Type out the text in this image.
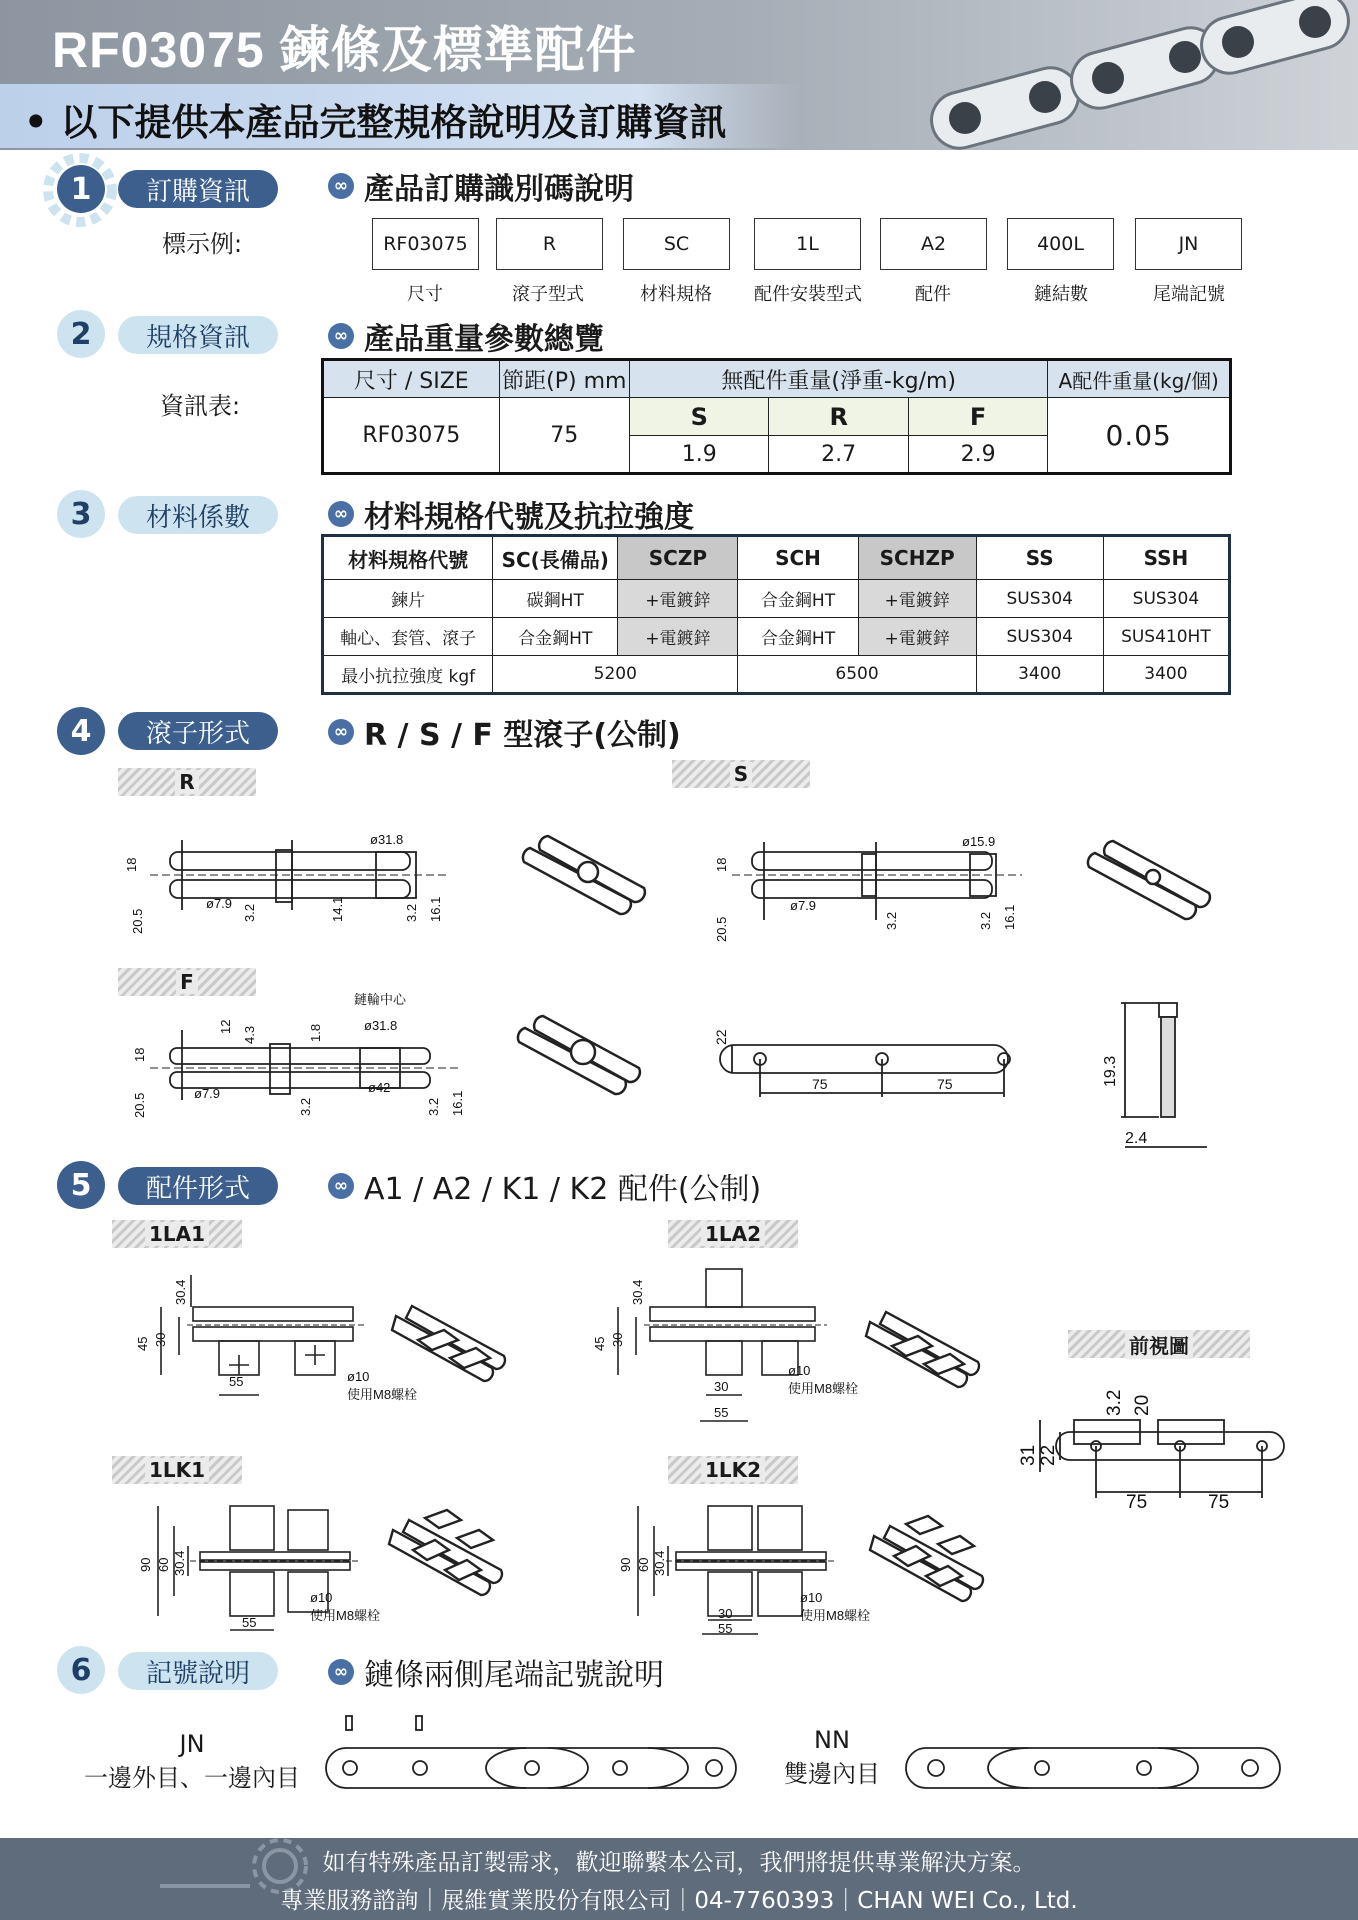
RF03075 鍊條及標準配件
• 以下提供本產品完整規格說明及訂購資訊
1	訂購資訊	∞ 產品訂購識別碼說明
標示例:	RF03075	R	SC	1L	A2	400L	JN
尺寸	滾子型式	材料規格	配件安裝型式	配件	鏈結數	尾端記號
2	規格資訊	∞ 產品重量參數總覽
資訊表:
尺寸 / SIZE	節距(P) mm	無配件重量(淨重-kg/m)			A配件重量(kg/個)
RF03075	75	S	R	F	0.05
		1.9	2.7	2.9	
3	材料係數	∞ 材料規格代號及抗拉強度
材料規格代號	SC(長備品)	SCZP	SCH	SCHZP	SS	SSH
鍊片	碳鋼HT	+電鍍鋅	合金鋼HT	+電鍍鋅	SUS304	SUS304
軸心、套管、滾子	合金鋼HT	+電鍍鋅	合金鋼HT	+電鍍鋅	SUS304	SUS410HT
最小抗拉強度 kgf	5200		6500		3400	3400
4	滾子形式	∞ R / S / F 型滾子(公制)
R	S
F
18
20.5
ø7.9
3.2
ø31.8
14.1	3.2 16.1
18
20.5
ø7.9
ø15.9
3.2	3.2 16.1
18
20.5	ø7.9
12 4.3	1.8
鏈輪中心
ø31.8
ø42
3.2	3.2 16.1
22
75	75	19.3
2.4
5	配件形式	∞ A1 / A2 / K1 / K2 配件(公制)
1LA1	1LA2
1LK1	1LK2
前視圖
30.4
45 30
55	ø10
使用M8螺栓
30.4
45 30
30
55
ø10
使用M8螺栓
90 60 30.4
55
ø10
使用M8螺栓
90 60 30.4
30
55
ø10
使用M8螺栓
3.2 20
31 22
75	75
6	記號說明	∞ 鏈條兩側尾端記號說明
JN
一邊外目、一邊內目
NN
雙邊內目
如有特殊產品訂製需求，歡迎聯繫本公司，我們將提供專業解決方案。
專業服務諮詢｜展維實業股份有限公司｜04-7760393｜CHAN WEI Co., Ltd.
